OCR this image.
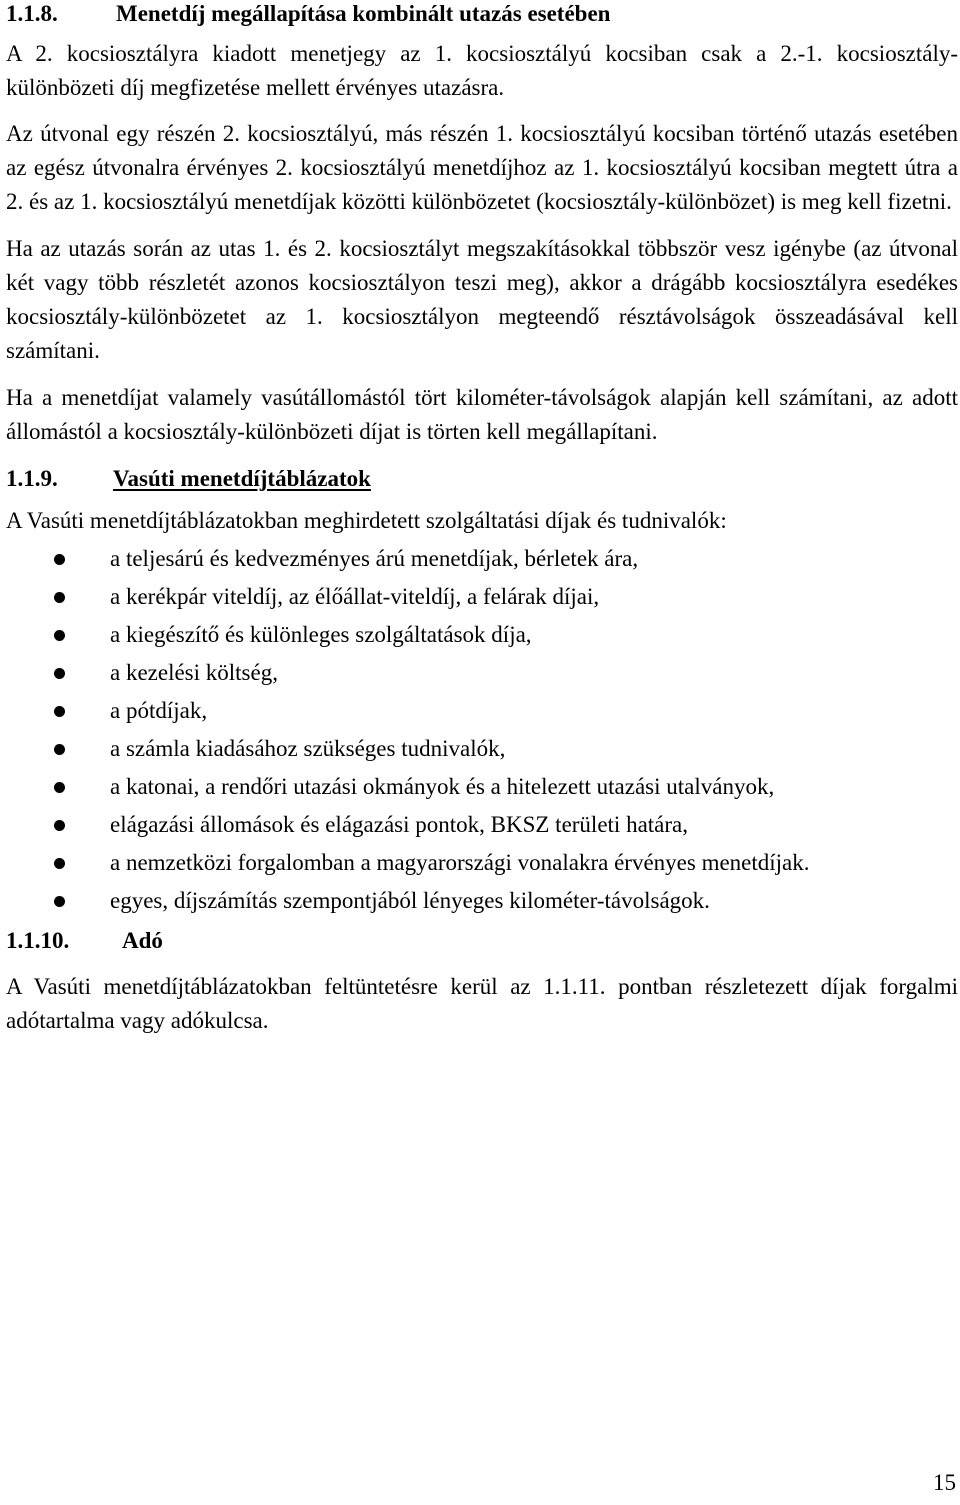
1.1.8.	Menetdíj megállapítása kombinált utazás esetében

A 2. kocsiosztályra kiadott menetjegy az 1. kocsiosztályú kocsiban csak a 2.-1. kocsiosztály-különbözeti díj megfizetése mellett érvényes utazásra.

Az útvonal egy részén 2. kocsiosztályú, más részén 1. kocsiosztályú kocsiban történő utazás esetében az egész útvonalra érvényes 2. kocsiosztályú menetdíjhoz az 1. kocsiosztályú kocsiban megtett útra a 2. és az 1. kocsiosztályú menetdíjak közötti különbözetet (kocsiosztály-különbözet) is meg kell fizetni.

Ha az utazás során az utas 1. és 2. kocsiosztályt megszakításokkal többször vesz igénybe (az útvonal két vagy több részletét azonos kocsiosztályon teszi meg), akkor a drágább kocsiosztályra esedékes kocsiosztály-különbözetet az 1. kocsiosztályon megteendő résztávolságok összeadásával kell számítani.

Ha a menetdíjat valamely vasútállomástól tört kilométer-távolságok alapján kell számítani, az adott állomástól a kocsiosztály-különbözeti díjat is törten kell megállapítani.

1.1.9.	Vasúti menetdíjtáblázatok

A Vasúti menetdíjtáblázatokban meghirdetett szolgáltatási díjak és tudnivalók:

a teljesárú és kedvezményes árú menetdíjak, bérletek ára,
a kerékpár viteldíj, az élőállat-viteldíj, a felárak díjai,
a kiegészítő és különleges szolgáltatások díja,
a kezelési költség,
a pótdíjak,
a számla kiadásához szükséges tudnivalók,
a katonai, a rendőri utazási okmányok és a hitelezett utazási utalványok,
elágazási állomások és elágazási pontok, BKSZ területi határa,
a nemzetközi forgalomban a magyarországi vonalakra érvényes menetdíjak.
egyes, díjszámítás szempontjából lényeges kilométer-távolságok.
1.1.10.	Adó

A Vasúti menetdíjtáblázatokban feltüntetésre kerül az 1.1.11. pontban részletezett díjak forgalmi adótartalma vagy adókulcsa.

15
